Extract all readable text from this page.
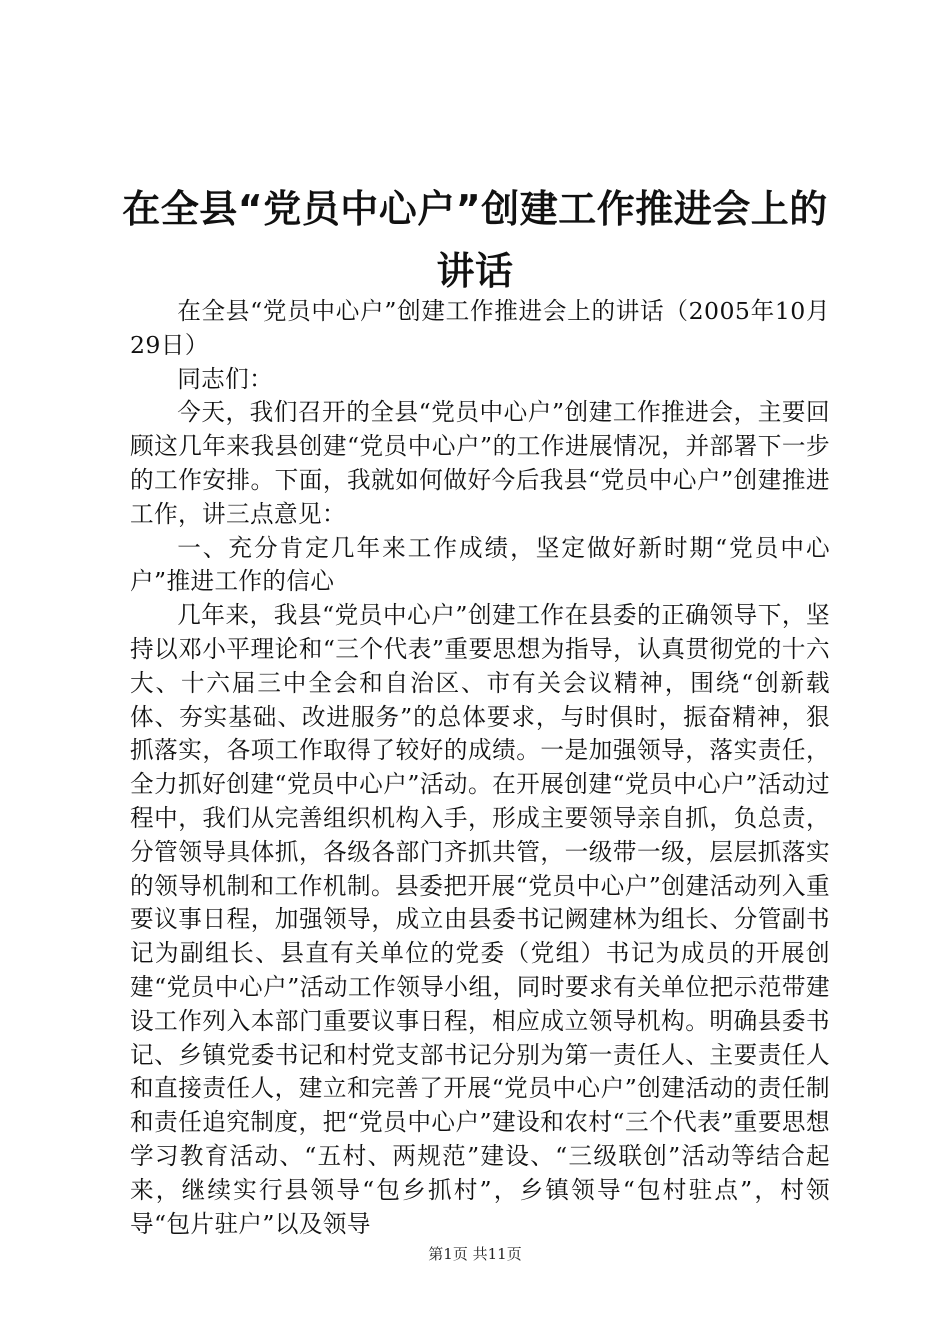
在全县“党员中心户”创建工作推进会上的讲话

在全县“党员中心户”创建工作推进会上的讲话（2005年10月29日）

同志们：

今天，我们召开的全县“党员中心户”创建工作推进会，主要回顾这几年来我县创建“党员中心户”的工作进展情况，并部署下一步的工作安排。下面，我就如何做好今后我县“党员中心户”创建推进工作，讲三点意见：

一、充分肯定几年来工作成绩，坚定做好新时期“党员中心户”推进工作的信心

几年来，我县“党员中心户”创建工作在县委的正确领导下，坚持以邓小平理论和“三个代表”重要思想为指导，认真贯彻党的十六大、十六届三中全会和自治区、市有关会议精神，围绕“创新载体、夯实基础、改进服务”的总体要求，与时俱时，振奋精神，狠抓落实，各项工作取得了较好的成绩。一是加强领导，落实责任，全力抓好创建“党员中心户”活动。在开展创建“党员中心户”活动过程中，我们从完善组织机构入手，形成主要领导亲自抓，负总责，分管领导具体抓，各级各部门齐抓共管，一级带一级，层层抓落实的领导机制和工作机制。县委把开展“党员中心户”创建活动列入重要议事日程，加强领导，成立由县委书记阙建林为组长、分管副书记为副组长、县直有关单位的党委（党组）书记为成员的开展创建“党员中心户”活动工作领导小组，同时要求有关单位把示范带建设工作列入本部门重要议事日程，相应成立领导机构。明确县委书记、乡镇党委书记和村党支部书记分别为第一责任人、主要责任人和直接责任人，建立和完善了开展“党员中心户”创建活动的责任制和责任追究制度，把“党员中心户”建设和农村“三个代表”重要思想学习教育活动、“五村、两规范”建设、“三级联创”活动等结合起来，继续实行县领导“包乡抓村”，乡镇领导“包村驻点”，村领导“包片驻户”以及领导

第1页 共11页
